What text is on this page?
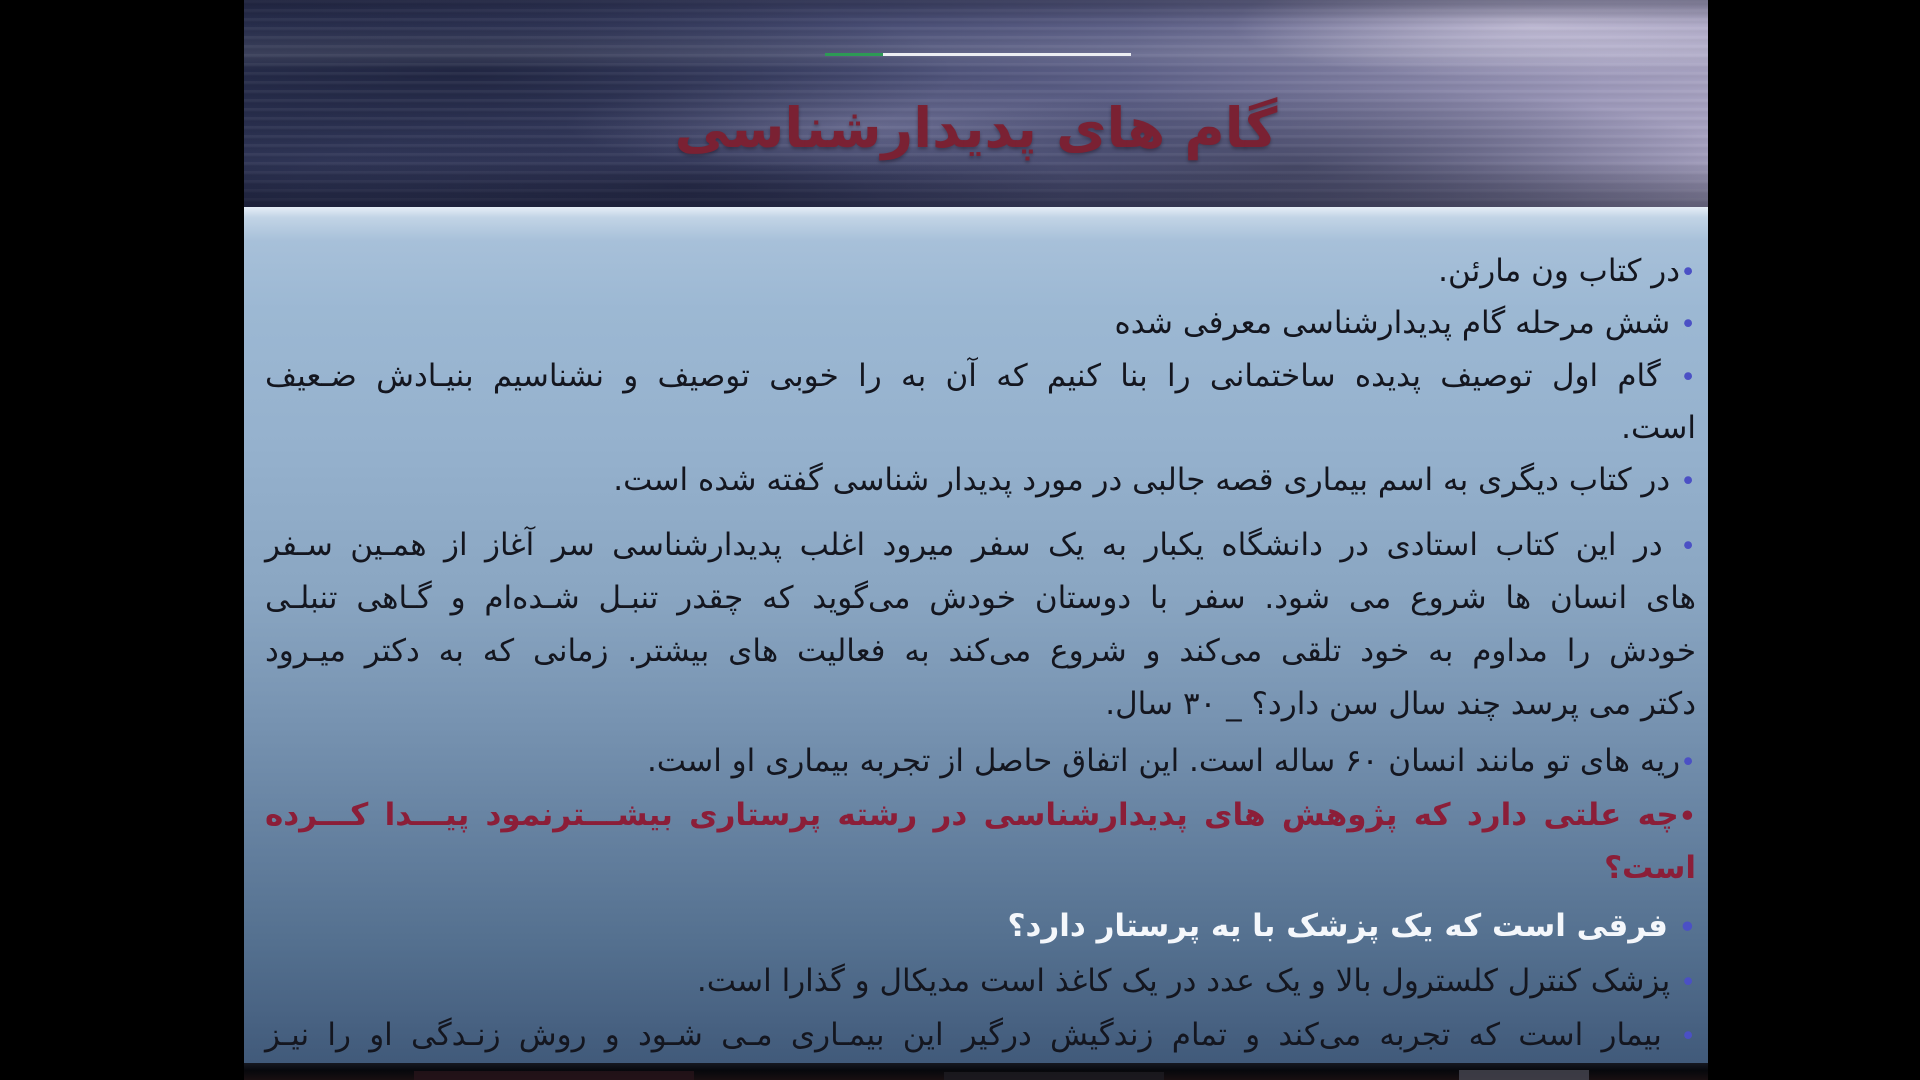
گام های پدیدارشناسی
•در کتاب ون مارئن.
• شش مرحله گام پدیدارشناسی معرفی شده
• گام اول توصیف پدیده ساختمانی را بنا کنیم که آن به را خوبی توصیف و نشناسیم بنیـادش ضـعیف
است.
• در کتاب دیگری به اسم بیماری قصه جالبی در مورد پدیدار شناسی گفته شده است.
• در این کتاب استادی در دانشگاه یکبار به یک سفر میرود اغلب پدیدارشناسی سر آغاز از همـین سـفر
های انسان ها شروع می شود. سفر با دوستان خودش می‌گوید که چقدر تنبـل شـده‌ام و گـاهی تنبلـی
خودش را مداوم به خود تلقی می‌کند و شروع می‌کند به فعالیت های بیشتر. زمانی که به دکتر میـرود
دکتر می پرسد چند سال سن دارد؟ _ ۳۰ سال.
•ریه های تو مانند انسان ۶۰ ساله است. این اتفاق حاصل از تجربه بیماری او است.
•چه علتی دارد که پژوهش های پدیدارشناسی در رشته پرستاری بیشـــترنمود پیـــدا کـــرده
است؟
• فرقی است که یک پزشک با یه پرستار دارد؟
• پزشک کنترل کلسترول بالا و یک عدد در یک کاغذ است مدیکال و گذارا است.
• بیمار است که تجربه می‌کند و تمام زندگیش درگیر این بیمـاری مـی شـود و روش زنـدگی او را نیـز
